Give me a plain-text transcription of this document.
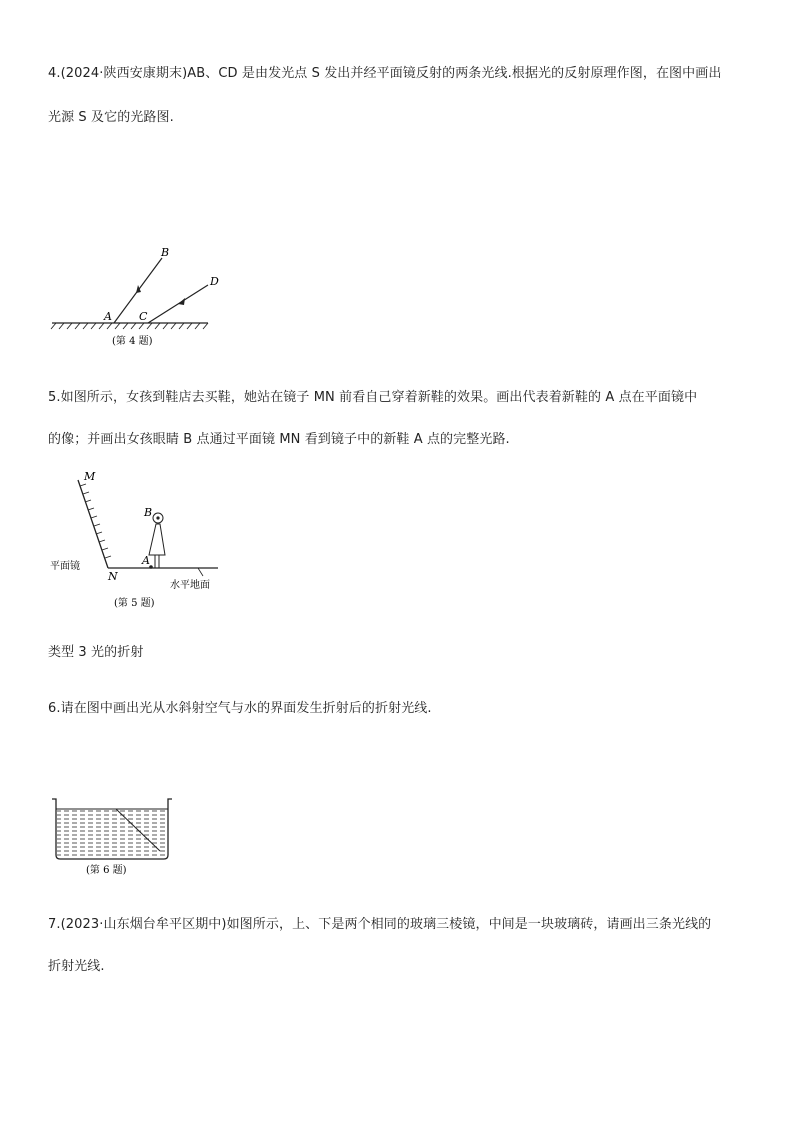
4.(2024·陕西安康期末)AB、CD 是由发光点 S 发出并经平面镜反射的两条光线.根据光的反射原理作图，在图中画出
光源 S 及它的光路图.
B
D
A C
(第 4 题)
5.如图所示，女孩到鞋店去买鞋，她站在镜子 MN 前看自己穿着新鞋的效果。画出代表着新鞋的 A 点在平面镜中
的像；并画出女孩眼睛 B 点通过平面镜 MN 看到镜子中的新鞋 A 点的完整光路.
M
B
A
N
平面镜
水平地面
(第 5 题)
类型 3 光的折射
6.请在图中画出光从水斜射空气与水的界面发生折射后的折射光线.
(第 6 题)
7.(2023·山东烟台牟平区期中)如图所示，上、下是两个相同的玻璃三棱镜，中间是一块玻璃砖，请画出三条光线的
折射光线.
